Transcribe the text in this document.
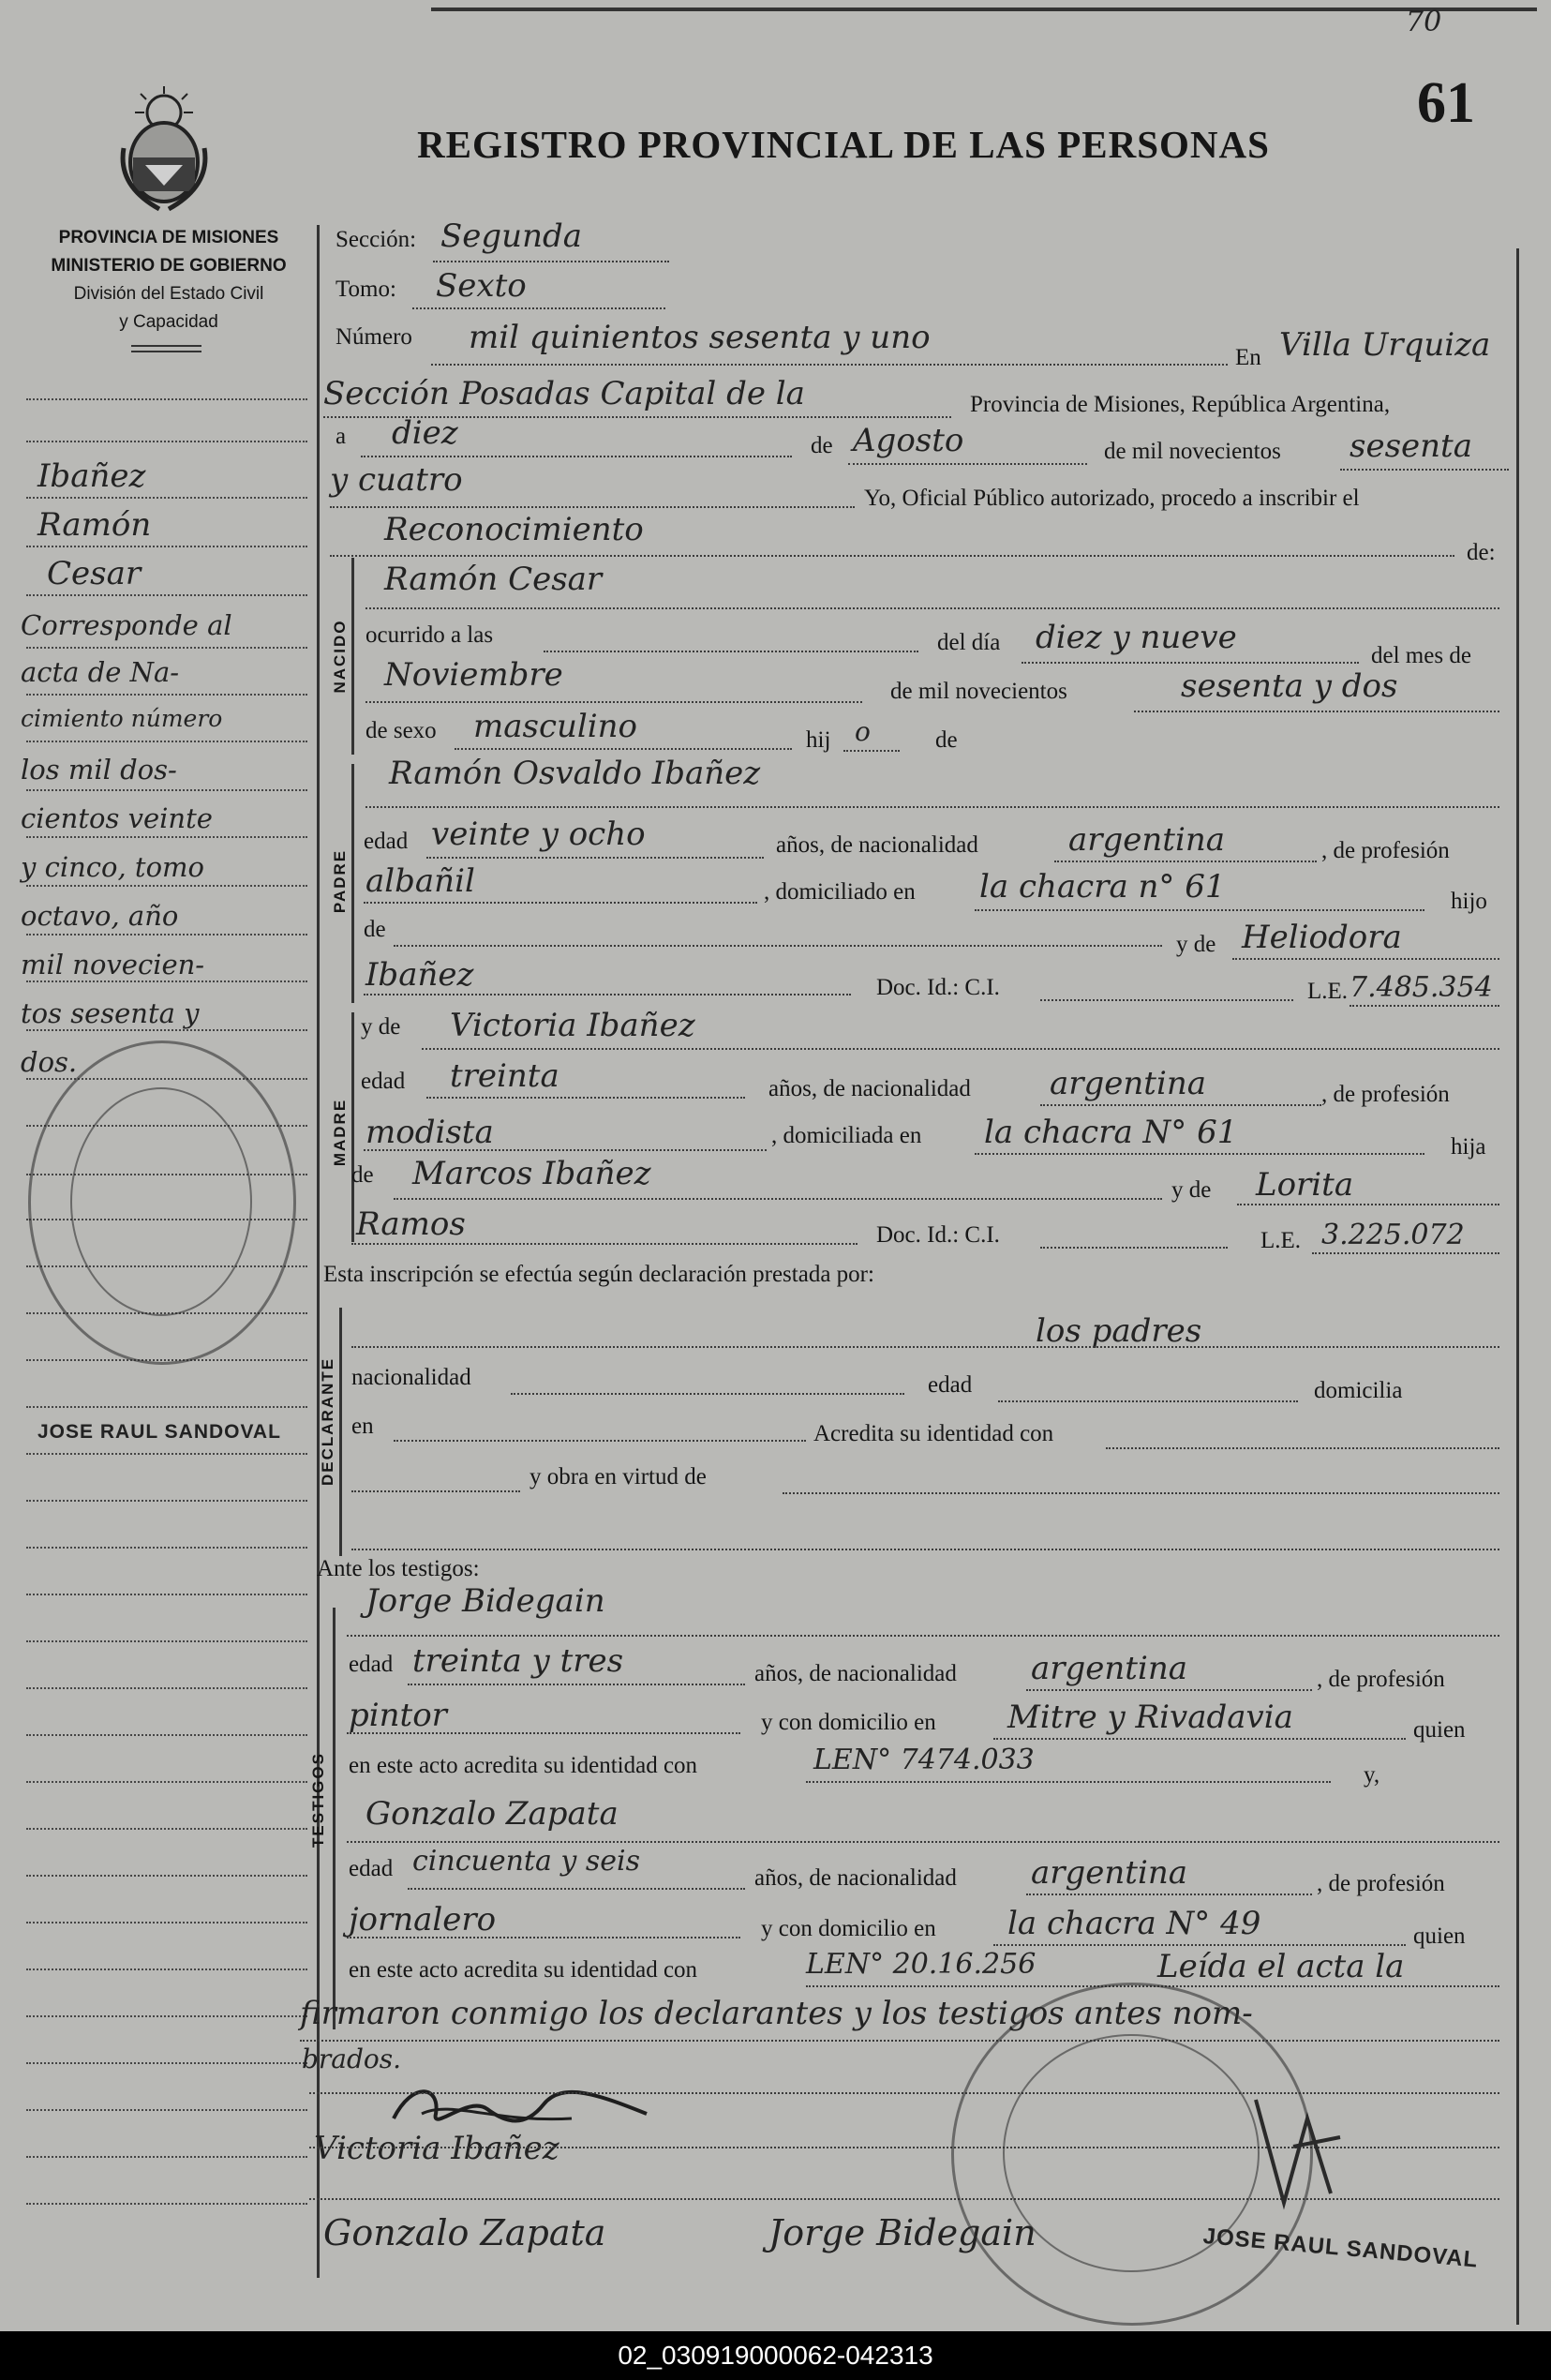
70
61
REGISTRO PROVINCIAL DE LAS PERSONAS
PROVINCIA DE MISIONES
MINISTERIO DE GOBIERNO
División del Estado Civil
y Capacidad
Ibañez
Ramón
Cesar
Corresponde al
acta de Na-
cimiento número
los mil dos-
cientos veinte
y cinco, tomo
octavo, año
mil novecien-
tos sesenta y
dos.
JOSE RAUL SANDOVAL
Sección: Segunda
Tomo: Sexto
Número mil quinientos sesenta y uno
En Villa Urquiza
Sección Posadas Capital de la	Provincia de Misiones, República Argentina,
a diez	de Agosto	de mil novecientos sesenta
y cuatro	Yo, Oficial Público autorizado, procedo a inscribir el
Reconocimiento
de:
NACIDO
Ramón Cesar
ocurrido a las	del día diez y nueve	del mes de
Noviembre	de mil novecientos	sesenta y dos
de sexo masculino	hij o	de
PADRE
Ramón Osvaldo Ibañez
edad veinte y ocho	años, de nacionalidad	argentina	, de profesión
albañil	, domiciliado en la chacra n° 61	hijo
de
y de Heliodora
Ibañez	Doc. Id.: C.I.	L.E. 7.485.354
MADRE
y de Victoria Ibañez
edad treinta	años, de nacionalidad argentina	, de profesión
modista	, domiciliada en la chacra N° 61	hija
de Marcos Ibañez	y de Lorita
Ramos	Doc. Id.: C.I.	L.E. 3.225.072
Esta inscripción se efectúa según declaración prestada por:
DECLARANTE
los padres
nacionalidad	edad	domicilia
en	Acredita su identidad con
y obra en virtud de
Ante los testigos:
TESTIGOS
Jorge Bidegain
edad treinta y tres	años, de nacionalidad argentina	, de profesión
pintor	y con domicilio en Mitre y Rivadavia	quien
en este acto acredita su identidad con	LEN° 7474.033	y,
Gonzalo Zapata
edad cincuenta y seis
años, de nacionalidad argentina	, de profesión
jornalero	y con domicilio en la chacra N° 49	quien
en este acto acredita su identidad con	LEN° 20.16.256	Leída el acta la
firmaron conmigo los declarantes y los testigos antes nom-
brados.
Victoria Ibañez
Gonzalo Zapata	Jorge Bidegain	JOSE RAUL SANDOVAL
02_030919000062-042313
